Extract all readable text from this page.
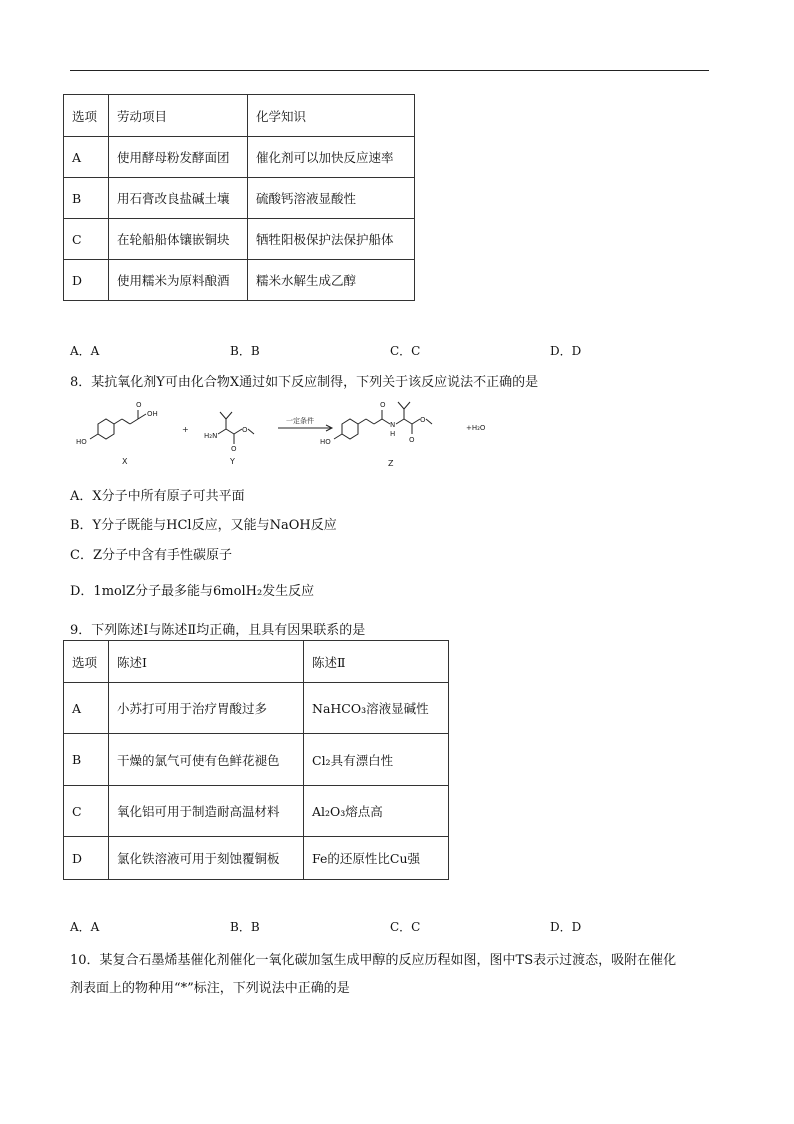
选项	劳动项目	化学知识
A	使用酵母粉发酵面团	催化剂可以加快反应速率
B	用石膏改良盐碱土壤	硫酸钙溶液显酸性
C	在轮船船体镶嵌铜块	牺牲阳极保护法保护船体
D	使用糯米为原料酿酒	糯米水解生成乙醇
A．A	B．B	C．C	D．D
8．某抗氧化剂Y可由化合物X通过如下反应制得，下列关于该反应说法不正确的是
HO
O
OH
X
+
H₂N
O
O
Y
一定条件
HO
O
N
H
O
O
Z
+H₂O
A．X分子中所有原子可共平面
B．Y分子既能与HCl反应，又能与NaOH反应
C．Z分子中含有手性碳原子
D．1molZ分子最多能与6molH₂发生反应
9．下列陈述Ⅰ与陈述Ⅱ均正确，且具有因果联系的是
选项	陈述Ⅰ	陈述Ⅱ
A	小苏打可用于治疗胃酸过多	NaHCO₃溶液显碱性
B	干燥的氯气可使有色鲜花褪色	Cl₂具有漂白性
C	氧化铝可用于制造耐高温材料	Al₂O₃熔点高
D	氯化铁溶液可用于刻蚀覆铜板	Fe的还原性比Cu强
A．A	B．B	C．C	D．D
10．某复合石墨烯基催化剂催化一氧化碳加氢生成甲醇的反应历程如图，图中TS表示过渡态，吸附在催化
剂表面上的物种用“*”标注，下列说法中正确的是
